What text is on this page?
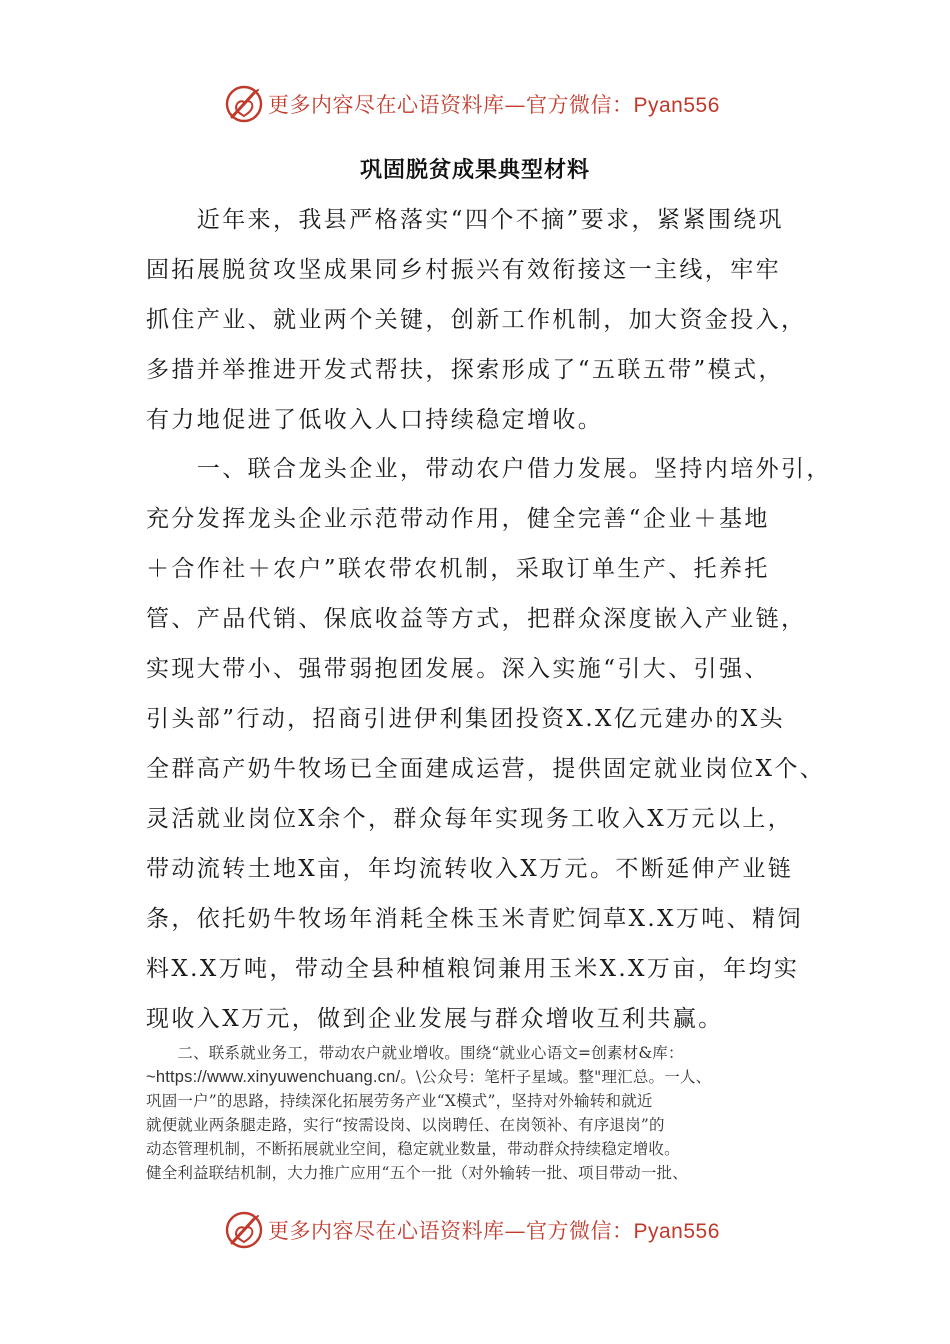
更多内容尽在心语资料库—官方微信：Pyan556
巩固脱贫成果典型材料
　　近年来，我县严格落实“四个不摘”要求，紧紧围绕巩
固拓展脱贫攻坚成果同乡村振兴有效衔接这一主线，牢牢
抓住产业、就业两个关键，创新工作机制，加大资金投入，
多措并举推进开发式帮扶，探索形成了“五联五带”模式，
有力地促进了低收入人口持续稳定增收。
　　一、联合龙头企业，带动农户借力发展。坚持内培外引，
充分发挥龙头企业示范带动作用，健全完善“企业＋基地
＋合作社＋农户”联农带农机制，采取订单生产、托养托
管、产品代销、保底收益等方式，把群众深度嵌入产业链，
实现大带小、强带弱抱团发展。深入实施“引大、引强、
引头部”行动，招商引进伊利集团投资X.X亿元建办的X头
全群高产奶牛牧场已全面建成运营，提供固定就业岗位X个、
灵活就业岗位X余个，群众每年实现务工收入X万元以上，
带动流转土地X亩，年均流转收入X万元。不断延伸产业链
条，依托奶牛牧场年消耗全株玉米青贮饲草X.X万吨、精饲
料X.X万吨，带动全县种植粮饲兼用玉米X.X万亩，年均实
现收入X万元，做到企业发展与群众增收互利共赢。
　　二、联系就业务工，带动农户就业增收。围绕“就业心语文=创素材&库：
~https://www.xinyuwenchuang.cn/。\公众号：笔杆子星域。整"理汇总。一人、
巩固一户”的思路，持续深化拓展劳务产业“X模式”，坚持对外输转和就近
就便就业两条腿走路，实行“按需设岗、以岗聘任、在岗领补、有序退岗”的
动态管理机制，不断拓展就业空间，稳定就业数量，带动群众持续稳定增收。
健全利益联结机制，大力推广应用“五个一批（对外输转一批、项目带动一批、
更多内容尽在心语资料库—官方微信：Pyan556
